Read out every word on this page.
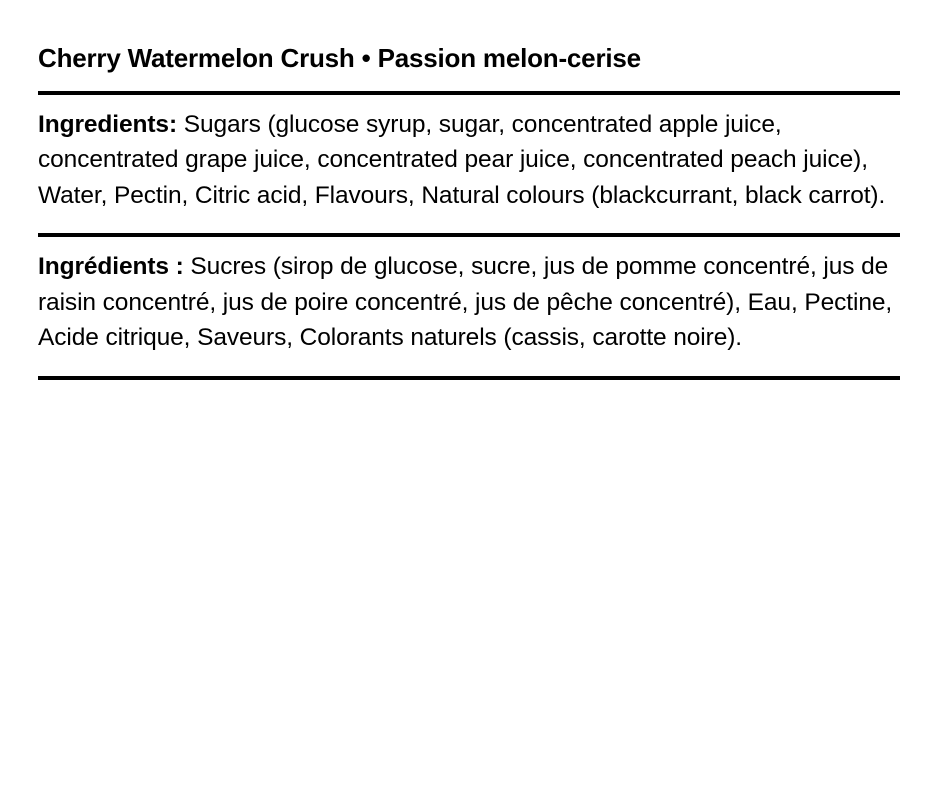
Cherry Watermelon Crush • Passion melon-cerise

Ingredients: Sugars (glucose syrup, sugar, concentrated apple juice, concentrated grape juice, concentrated pear juice, concentrated peach juice), Water, Pectin, Citric acid, Flavours, Natural colours (blackcurrant, black carrot).

Ingrédients : Sucres (sirop de glucose, sucre, jus de pomme concentré, jus de raisin concentré, jus de poire concentré, jus de pêche concentré), Eau, Pectine, Acide citrique, Saveurs, Colorants naturels (cassis, carotte noire).
